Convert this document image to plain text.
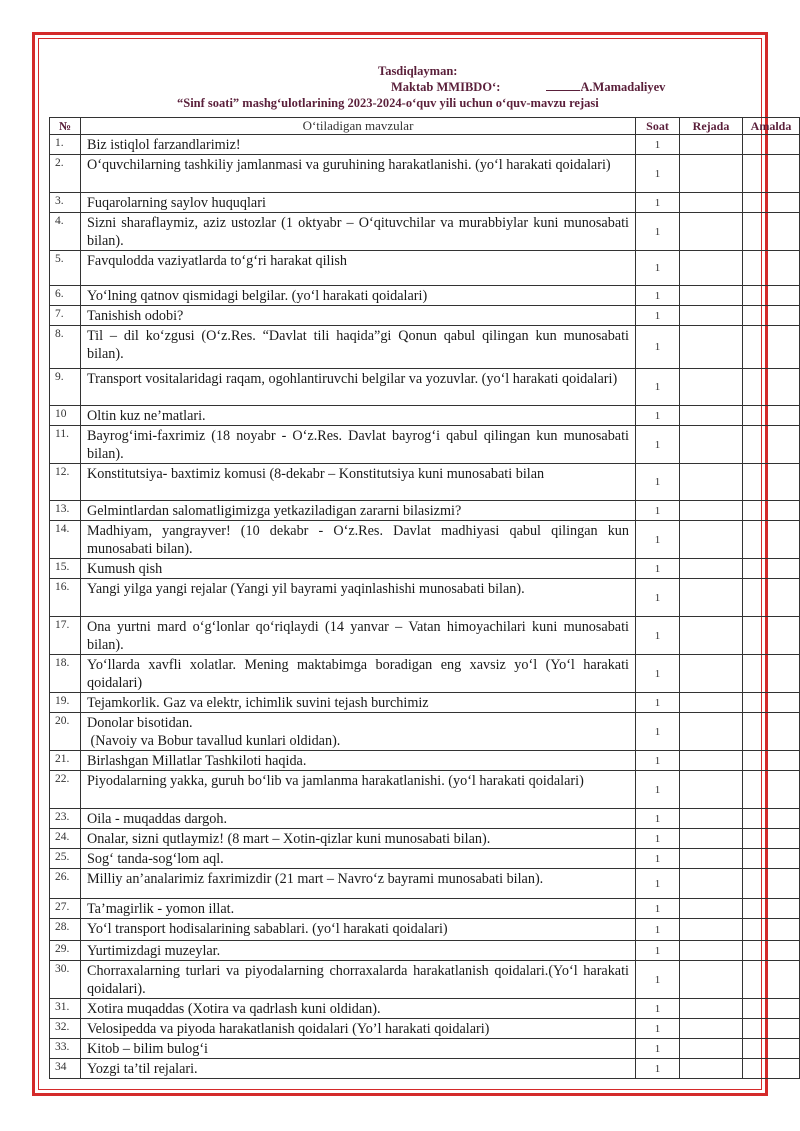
Tasdiqlayman:
Maktab MMIBDO‘:	A.Mamadaliyev
“Sinf soati” mashg‘ulotlarining 2023-2024-o‘quv yili uchun o‘quv-mavzu rejasi
№	O‘tiladigan mavzular	Soat	Rejada	Amalda
1.	Biz istiqlol farzandlarimiz!	1		
2.	O‘quvchilarning tashkiliy jamlanmasi va guruhining harakatlanishi. (yo‘l harakati qoidalari)	1		
3.	Fuqarolarning saylov huquqlari	1		
4.	Sizni sharaflaymiz, aziz ustozlar (1 oktyabr – O‘qituvchilar va murabbiylar kuni munosabati bilan).	1		
5.	Favqulodda vaziyatlarda to‘g‘ri harakat qilish	1		
6.	Yo‘lning qatnov qismidagi belgilar. (yo‘l harakati qoidalari)	1		
7.	Tanishish odobi?	1		
8.	Til – dil ko‘zgusi (O‘z.Res. “Davlat tili haqida”gi Qonun qabul qilingan kun munosabati bilan).	1		
9.	Transport vositalaridagi raqam, ogohlantiruvchi belgilar va yozuvlar. (yo‘l harakati qoidalari)	1		
10	Oltin kuz ne’matlari.	1		
11.	Bayrog‘imi-faxrimiz (18 noyabr - O‘z.Res. Davlat bayrog‘i qabul qilingan kun munosabati bilan).	1		
12.	Konstitutsiya- baxtimiz komusi (8-dekabr – Konstitutsiya kuni munosabati bilan	1		
13.	Gelmintlardan salomatligimizga yetkaziladigan zararni bilasizmi?	1		
14.	Madhiyam, yangrayver! (10 dekabr - O‘z.Res. Davlat madhiyasi qabul qilingan kun munosabati bilan).	1		
15.	Kumush qish	1		
16.	Yangi yilga yangi rejalar (Yangi yil bayrami yaqinlashishi munosabati bilan).	1		
17.	Ona yurtni mard o‘g‘lonlar qo‘riqlaydi (14 yanvar – Vatan himoyachilari kuni munosabati bilan).	1		
18.	Yo‘llarda xavfli xolatlar. Mening maktabimga boradigan eng xavsiz yo‘l (Yo‘l harakati qoidalari)	1		
19.	Tejamkorlik. Gaz va elektr, ichimlik suvini tejash burchimiz	1		
20.	Donolar bisotidan.
(Navoiy va Bobur tavallud kunlari oldidan).	1		
21.	Birlashgan Millatlar Tashkiloti haqida.	1		
22.	Piyodalarning yakka, guruh bo‘lib va jamlanma harakatlanishi. (yo‘l harakati qoidalari)	1		
23.	Oila - muqaddas dargoh.	1		
24.	Onalar, sizni qutlaymiz! (8 mart – Xotin-qizlar kuni munosabati bilan).	1		
25.	Sog‘ tanda-sog‘lom aql.	1		
26.	Milliy an’analarimiz faxrimizdir (21 mart – Navro‘z bayrami munosabati bilan).	1		
27.	Ta’magirlik - yomon illat.	1		
28.	Yo‘l transport hodisalarining sabablari. (yo‘l harakati qoidalari)	1		
29.	Yurtimizdagi muzeylar.	1		
30.	Chorraxalarning turlari va piyodalarning chorraxalarda harakatlanish qoidalari.(Yo‘l harakati qoidalari).	1		
31.	Xotira muqaddas (Xotira va qadrlash kuni oldidan).	1		
32.	Velosipedda va piyoda harakatlanish qoidalari (Yo’l harakati qoidalari)	1		
33.	Kitob – bilim bulog‘i	1		
34	Yozgi ta’til rejalari.	1		
